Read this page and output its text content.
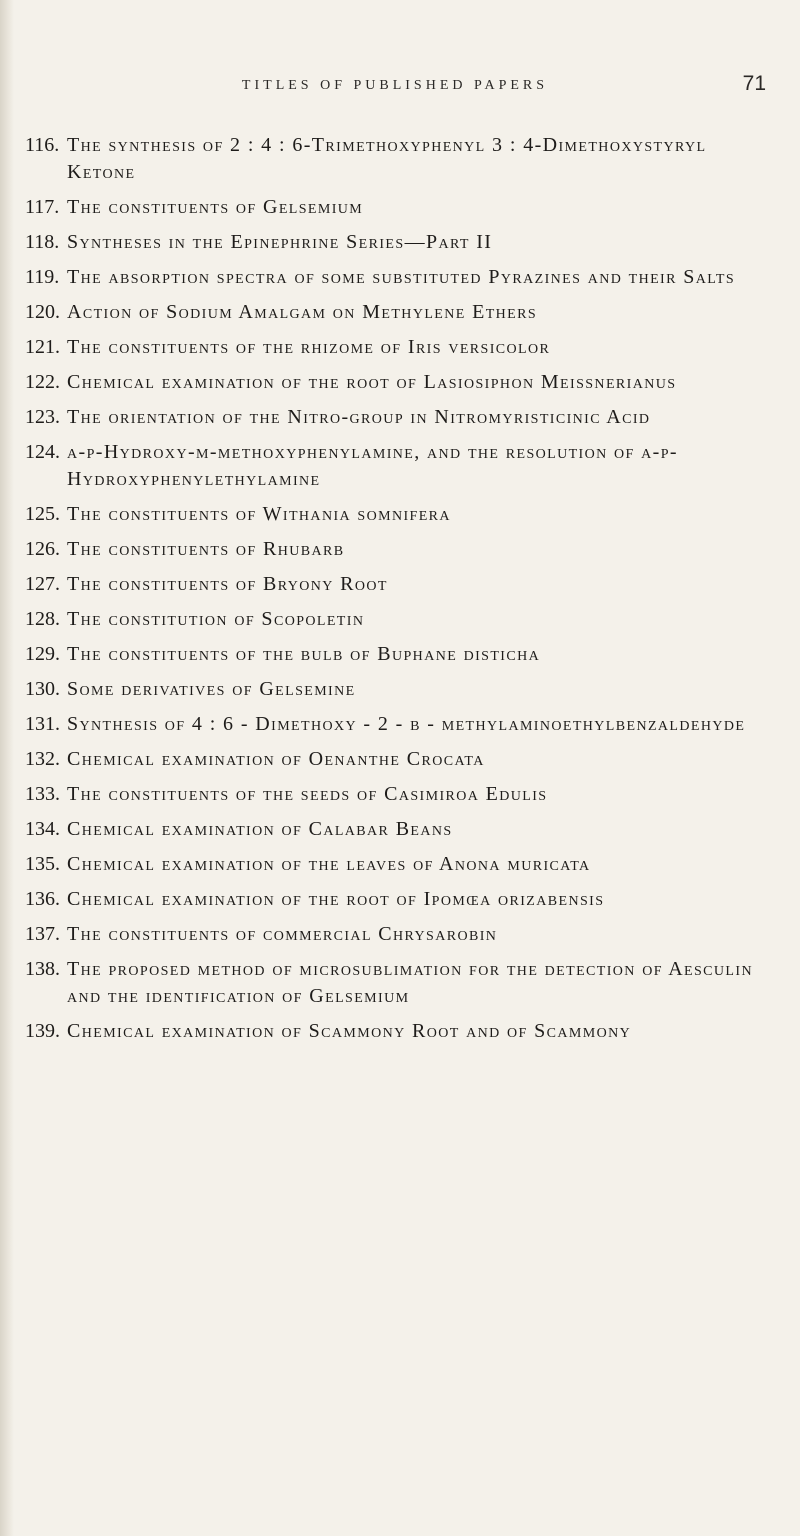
TITLES OF PUBLISHED PAPERS	71
116. The synthesis of 2 : 4 : 6-Trimethoxyphenyl 3 : 4-Dimethoxystyryl Ketone
117. The constituents of Gelsemium
118. Syntheses in the Epinephrine Series—Part II
119. The absorption spectra of some substituted Pyrazines and their Salts
120. Action of Sodium Amalgam on Methylene Ethers
121. The constituents of the rhizome of Iris versicolor
122. Chemical examination of the root of Lasiosiphon Meissnerianus
123. The orientation of the Nitro-group in Nitromyristicinic Acid
124. a-p-Hydroxy-m-methoxyphenylamine, and the resolution of a-p-Hydroxyphenylethylamine
125. The constituents of Withania somnifera
126. The constituents of Rhubarb
127. The constituents of Bryony Root
128. The constitution of Scopoletin
129. The constituents of the bulb of Buphane disticha
130. Some derivatives of Gelsemine
131. Synthesis of 4 : 6 - Dimethoxy - 2 - β - methylaminoethylbenzaldehyde
132. Chemical examination of Oenanthe Crocata
133. The constituents of the seeds of Casimiroa Edulis
134. Chemical examination of Calabar Beans
135. Chemical examination of the leaves of Anona muricata
136. Chemical examination of the root of Ipomœa orizabensis
137. The constituents of commercial Chrysarobin
138. The proposed method of microsublimation for the detection of Aesculin and the identification of Gelsemium
139. Chemical examination of Scammony Root and of Scammony
